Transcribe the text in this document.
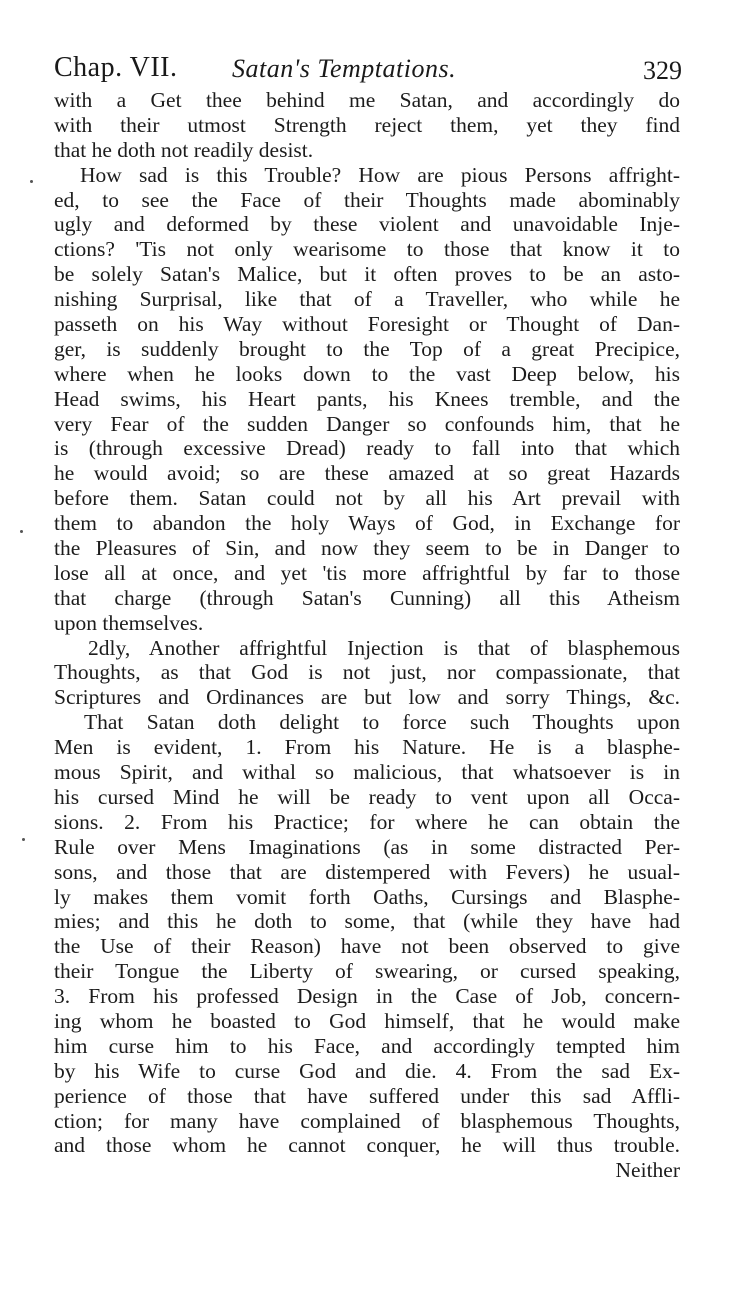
Chap. VII. Satan's Temptations.	329
with a Get thee behind me Satan, and accordingly do
with their utmost Strength reject them, yet they find
that he doth not readily desist.
How sad is this Trouble? How are pious Persons affright-
ed, to see the Face of their Thoughts made abominably
ugly and deformed by these violent and unavoidable Inje-
ctions? 'Tis not only wearisome to those that know it to
be solely Satan's Malice, but it often proves to be an asto-
nishing Surprisal, like that of a Traveller, who while he
passeth on his Way without Foresight or Thought of Dan-
ger, is suddenly brought to the Top of a great Precipice,
where when he looks down to the vast Deep below, his
Head swims, his Heart pants, his Knees tremble, and the
very Fear of the sudden Danger so confounds him, that he
is (through excessive Dread) ready to fall into that which
he would avoid; so are these amazed at so great Hazards
before them. Satan could not by all his Art prevail with
them to abandon the holy Ways of God, in Exchange for
the Pleasures of Sin, and now they seem to be in Danger to
lose all at once, and yet 'tis more affrightful by far to those
that charge (through Satan's Cunning) all this Atheism
upon themselves.
2dly, Another affrightful Injection is that of blasphemous
Thoughts, as that God is not just, nor compassionate, that
Scriptures and Ordinances are but low and sorry Things, &c.
That Satan doth delight to force such Thoughts upon
Men is evident, 1. From his Nature. He is a blasphe-
mous Spirit, and withal so malicious, that whatsoever is in
his cursed Mind he will be ready to vent upon all Occa-
sions. 2. From his Practice; for where he can obtain the
Rule over Mens Imaginations (as in some distracted Per-
sons, and those that are distempered with Fevers) he usual-
ly makes them vomit forth Oaths, Cursings and Blasphe-
mies; and this he doth to some, that (while they have had
the Use of their Reason) have not been observed to give
their Tongue the Liberty of swearing, or cursed speaking,
3. From his professed Design in the Case of Job, concern-
ing whom he boasted to God himself, that he would make
him curse him to his Face, and accordingly tempted him
by his Wife to curse God and die. 4. From the sad Ex-
perience of those that have suffered under this sad Affli-
ction; for many have complained of blasphemous Thoughts,
and those whom he cannot conquer, he will thus trouble.
Neither
